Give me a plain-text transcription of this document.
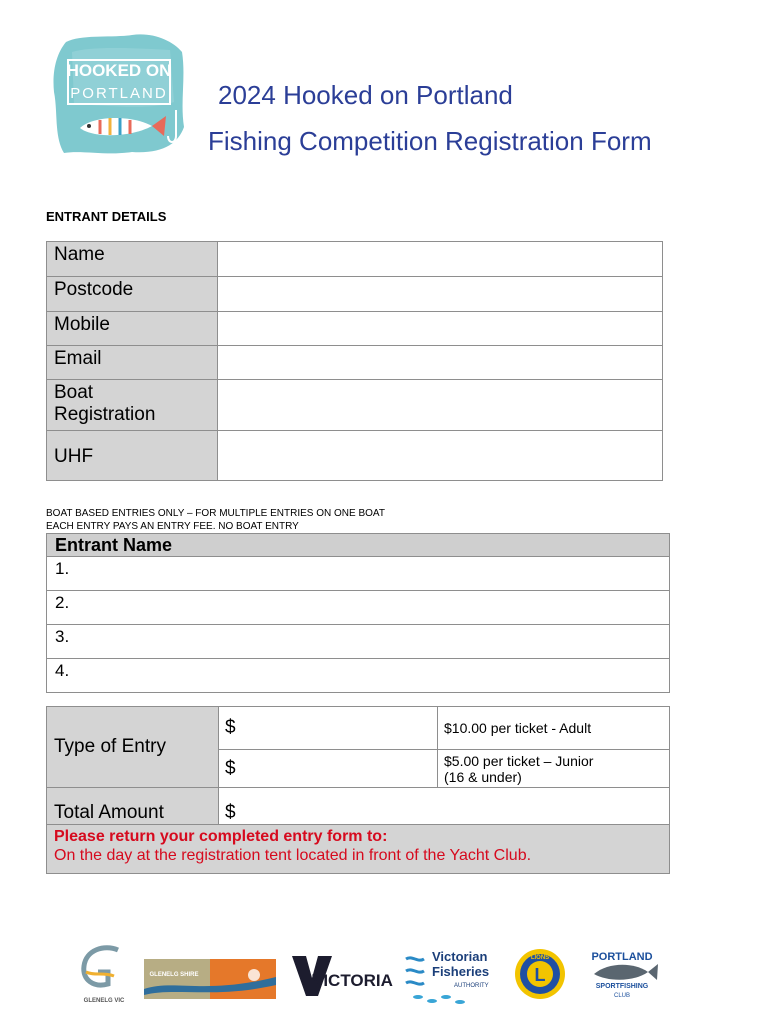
HOOKED ON
PORTLAND 2024 Hooked on Portland
Fishing Competition Registration Form
ENTRANT DETAILS
Name	
Postcode	
Mobile	
Email	

Boat Registration	

UHF	
BOAT BASED ENTRIES ONLY – FOR MULTIPLE ENTRIES ON ONE BOAT
EACH ENTRY PAYS AN ENTRY FEE. NO BOAT ENTRY
Entrant Name
1.
2.
3.
4.
Type of Entry	$	$10.00 per ticket - Adult
	$	$5.00 per ticket – Junior
(16 & under)

Total Amount	$	

Please return your completed entry form to:
On the day at the registration tent located in front of the Yacht Club.		
GLENELG VIC
GLENELG SHIRE	VICTORIA
Victorian
Fisheries
AUTHORITY
L
LIONS	PORTLAND
SPORTFISHING
CLUB
